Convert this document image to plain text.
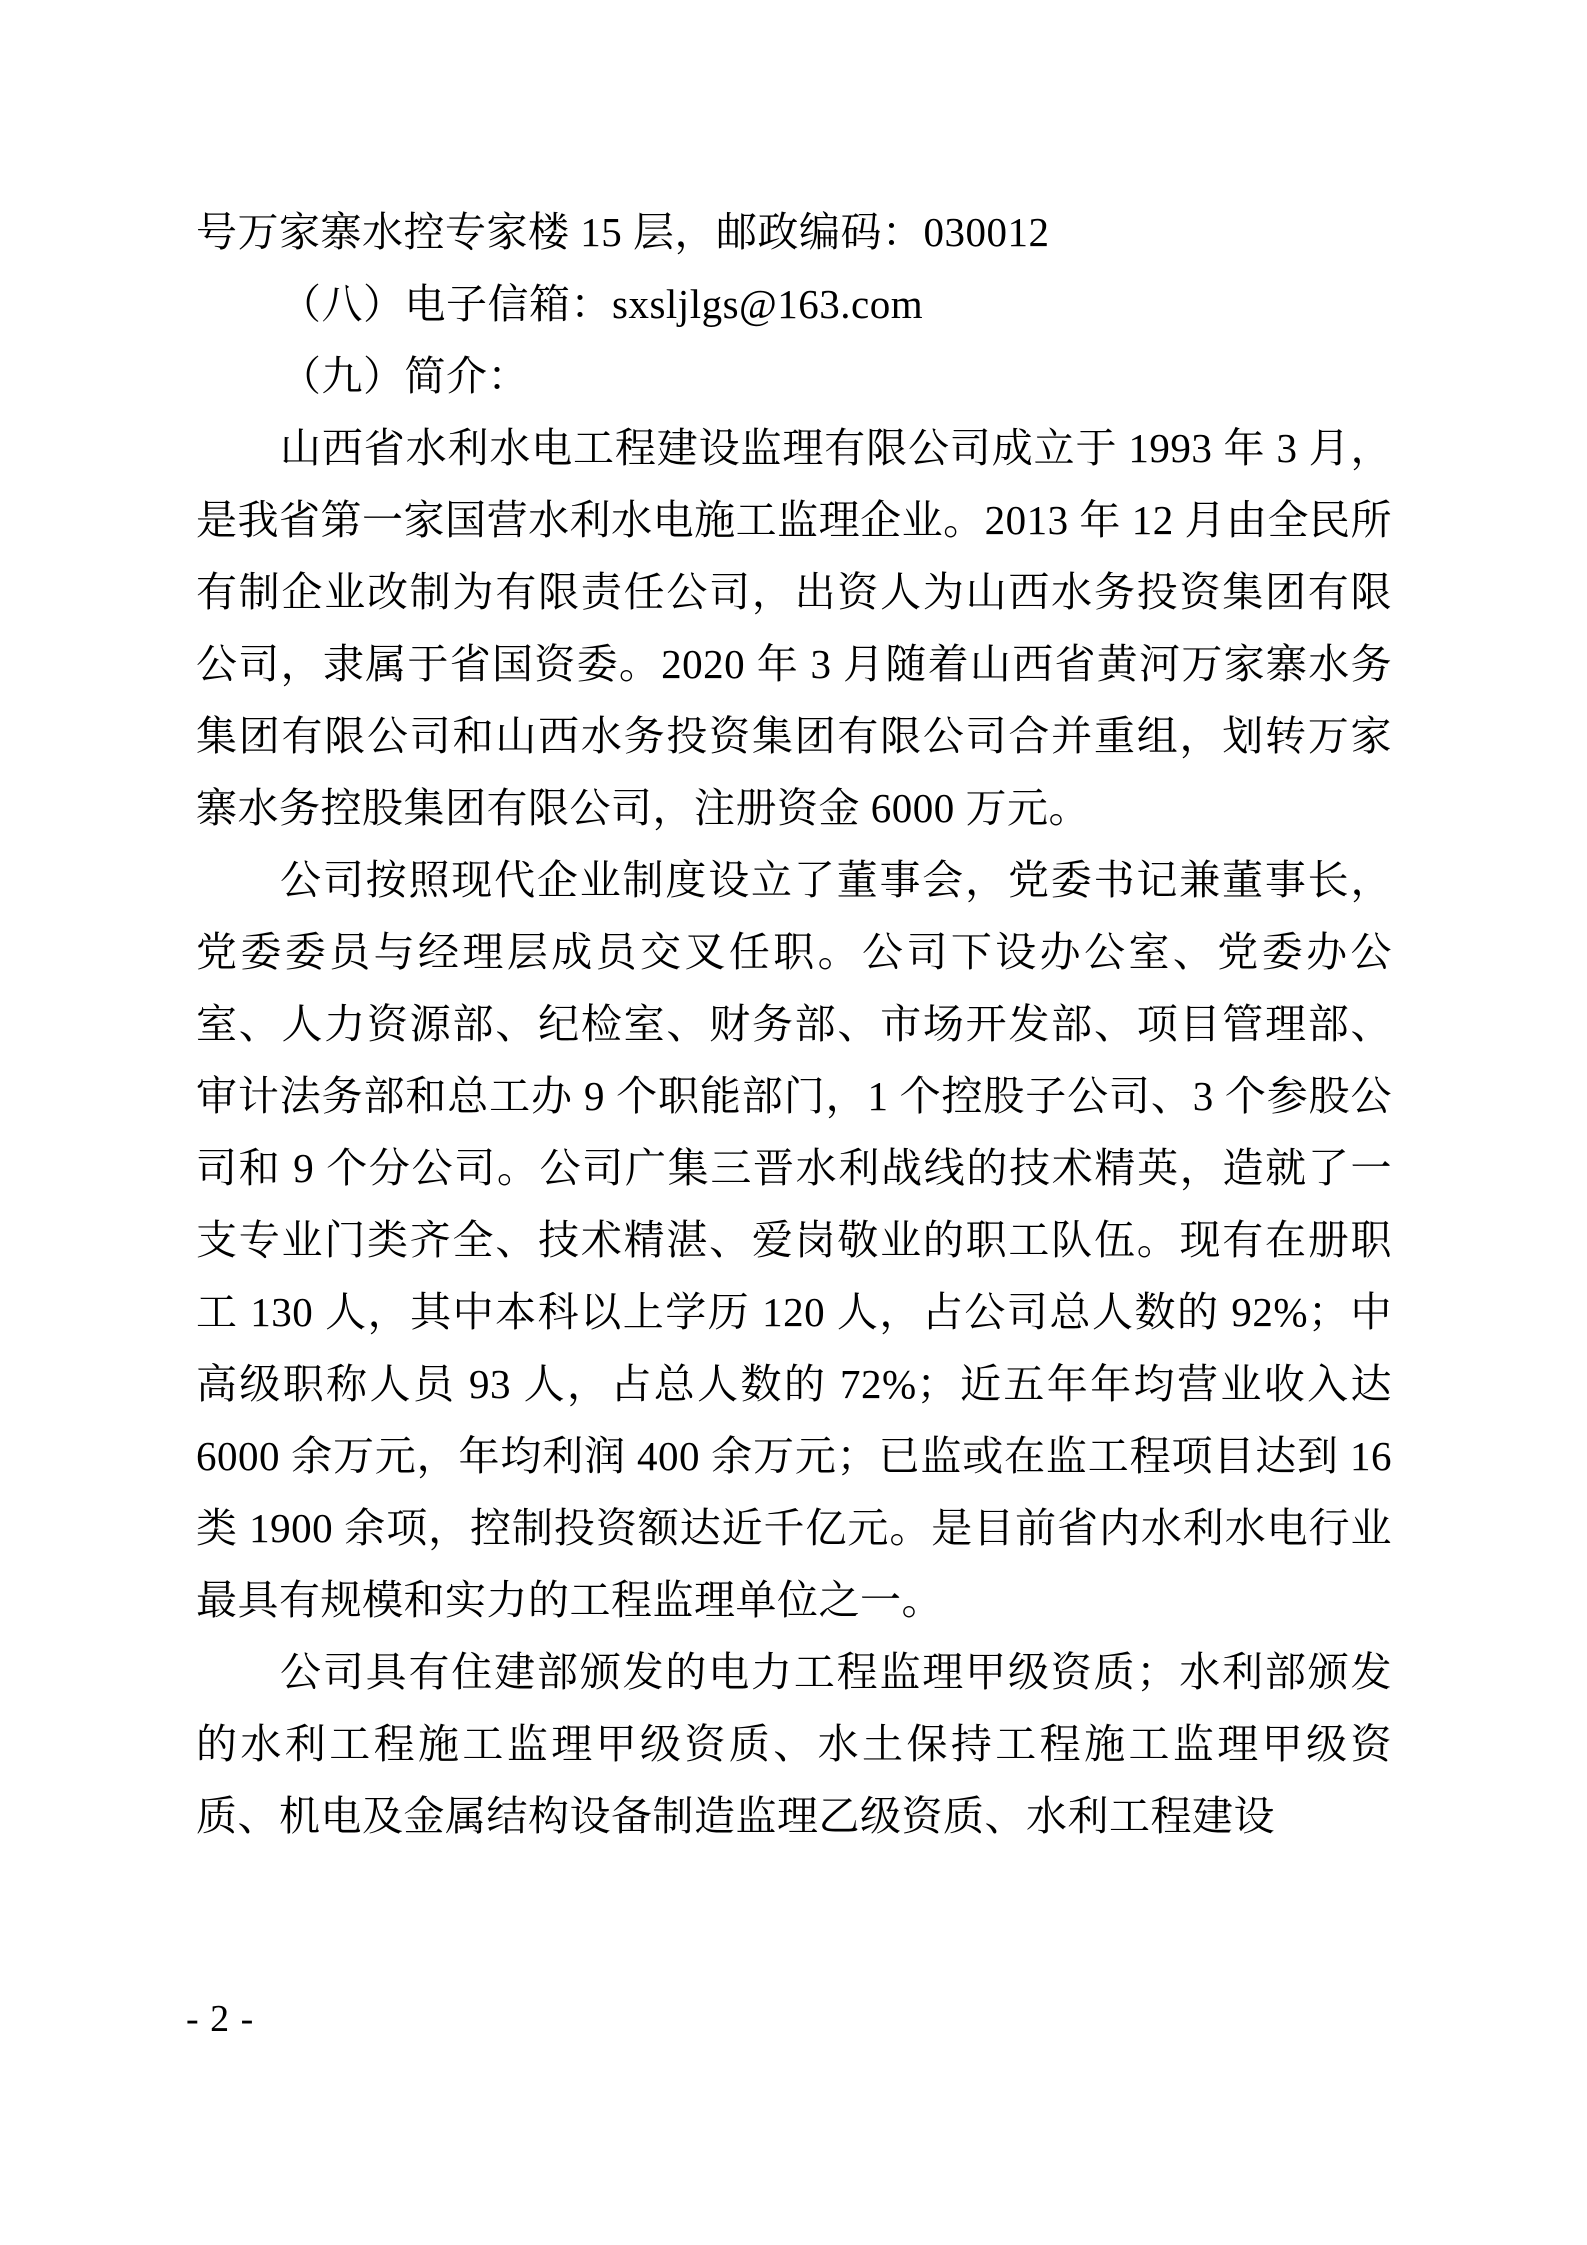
号万家寨水控专家楼 15 层，邮政编码：030012

（八）电子信箱：sxsljlgs@163.com

（九）简介：

山西省水利水电工程建设监理有限公司成立于 1993 年 3 月，是我省第一家国营水利水电施工监理企业。2013 年 12 月由全民所有制企业改制为有限责任公司，出资人为山西水务投资集团有限公司，隶属于省国资委。2020 年 3 月随着山西省黄河万家寨水务集团有限公司和山西水务投资集团有限公司合并重组，划转万家寨水务控股集团有限公司，注册资金 6000 万元。

公司按照现代企业制度设立了董事会，党委书记兼董事长，党委委员与经理层成员交叉任职。公司下设办公室、党委办公室、人力资源部、纪检室、财务部、市场开发部、项目管理部、审计法务部和总工办 9 个职能部门，1 个控股子公司、3 个参股公司和 9 个分公司。公司广集三晋水利战线的技术精英，造就了一支专业门类齐全、技术精湛、爱岗敬业的职工队伍。现有在册职工 130 人，其中本科以上学历 120 人，占公司总人数的 92%；中高级职称人员 93 人，占总人数的 72%；近五年年均营业收入达 6000 余万元，年均利润 400 余万元；已监或在监工程项目达到 16 类 1900 余项，控制投资额达近千亿元。是目前省内水利水电行业最具有规模和实力的工程监理单位之一。

公司具有住建部颁发的电力工程监理甲级资质；水利部颁发的水利工程施工监理甲级资质、水土保持工程施工监理甲级资质、机电及金属结构设备制造监理乙级资质、水利工程建设

- 2 -
